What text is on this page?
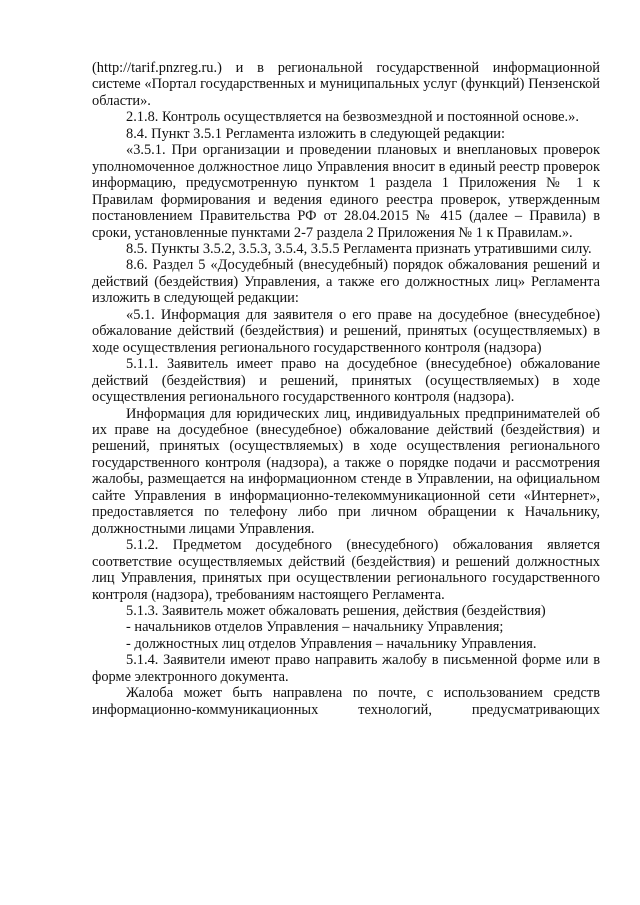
(http://tarif.pnzreg.ru.) и в региональной государственной информационной системе «Портал государственных и муниципальных услуг (функций) Пензенской области».

2.1.8. Контроль осуществляется на безвозмездной и постоянной основе.».

8.4. Пункт 3.5.1 Регламента изложить в следующей редакции:

«3.5.1. При организации и проведении плановых и внеплановых проверок уполномоченное должностное лицо Управления вносит в единый реестр проверок информацию, предусмотренную пунктом 1 раздела 1 Приложения № 1 к Правилам формирования и ведения единого реестра проверок, утвержденным постановлением Правительства РФ от 28.04.2015 № 415 (далее – Правила) в сроки, установленные пунктами 2-7 раздела 2 Приложения № 1 к Правилам.».

8.5. Пункты 3.5.2, 3.5.3, 3.5.4, 3.5.5 Регламента признать утратившими силу.

8.6. Раздел 5 «Досудебный (внесудебный) порядок обжалования решений и действий (бездействия) Управления, а также его должностных лиц» Регламента изложить в следующей редакции:

«5.1. Информация для заявителя о его праве на досудебное (внесудебное) обжалование действий (бездействия) и решений, принятых (осуществляемых) в ходе осуществления регионального государственного контроля (надзора)

5.1.1. Заявитель имеет право на досудебное (внесудебное) обжалование действий (бездействия) и решений, принятых (осуществляемых) в ходе осуществления регионального государственного контроля (надзора).

Информация для юридических лиц, индивидуальных предпринимателей об их праве на досудебное (внесудебное) обжалование действий (бездействия) и решений, принятых (осуществляемых) в ходе осуществления регионального государственного контроля (надзора), а также о порядке подачи и рассмотрения жалобы, размещается на информационном стенде в Управлении, на официальном сайте Управления в информационно-телекоммуникационной сети «Интернет», предоставляется по телефону либо при личном обращении к Начальнику, должностными лицами Управления.

5.1.2. Предметом досудебного (внесудебного) обжалования является соответствие осуществляемых действий (бездействия) и решений должностных лиц Управления, принятых при осуществлении регионального государственного контроля (надзора), требованиям настоящего Регламента.

5.1.3. Заявитель может обжаловать решения, действия (бездействия)

- начальников отделов Управления – начальнику Управления;

- должностных лиц отделов Управления – начальнику Управления.

5.1.4. Заявители имеют право направить жалобу в письменной форме или в форме электронного документа.

Жалоба может быть направлена по почте, с использованием средств информационно-коммуникационных технологий, предусматривающих
